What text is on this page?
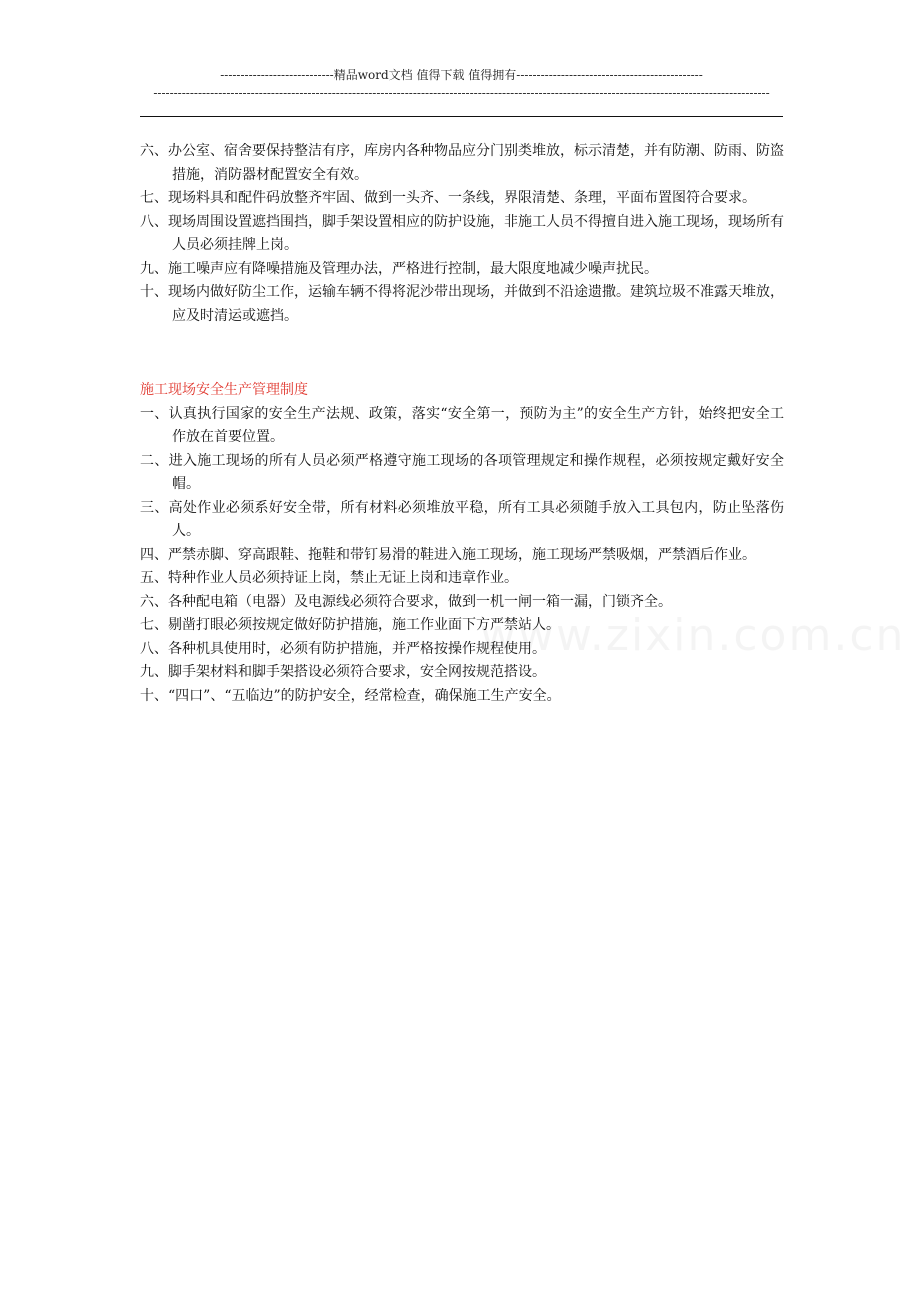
----------------------------精品word文档 值得下载 值得拥有----------------------------------------------
--------------------------------------------------------------------------------------------------------------------------------------------------------

六、办公室、宿舍要保持整洁有序，库房内各种物品应分门别类堆放，标示清楚，并有防潮、防雨、防盗措施，消防器材配置安全有效。

七、现场料具和配件码放整齐牢固、做到一头齐、一条线，界限清楚、条理，平面布置图符合要求。

八、现场周围设置遮挡围挡，脚手架设置相应的防护设施，非施工人员不得擅自进入施工现场，现场所有人员必须挂牌上岗。

九、施工噪声应有降噪措施及管理办法，严格进行控制，最大限度地减少噪声扰民。

十、现场内做好防尘工作，运输车辆不得将泥沙带出现场，并做到不沿途遗撒。建筑垃圾不准露天堆放，应及时清运或遮挡。

施工现场安全生产管理制度

一、认真执行国家的安全生产法规、政策，落实“安全第一，预防为主”的安全生产方针，始终把安全工作放在首要位置。

二、进入施工现场的所有人员必须严格遵守施工现场的各项管理规定和操作规程，必须按规定戴好安全帽。

三、高处作业必须系好安全带，所有材料必须堆放平稳，所有工具必须随手放入工具包内，防止坠落伤人。

四、严禁赤脚、穿高跟鞋、拖鞋和带钉易滑的鞋进入施工现场，施工现场严禁吸烟，严禁酒后作业。

五、特种作业人员必须持证上岗，禁止无证上岗和违章作业。

六、各种配电箱（电器）及电源线必须符合要求，做到一机一闸一箱一漏，门锁齐全。

七、剔凿打眼必须按规定做好防护措施，施工作业面下方严禁站人。

八、各种机具使用时，必须有防护措施，并严格按操作规程使用。

九、脚手架材料和脚手架搭设必须符合要求，安全网按规范搭设。

十、“四口”、“五临边”的防护安全，经常检查，确保施工生产安全。
